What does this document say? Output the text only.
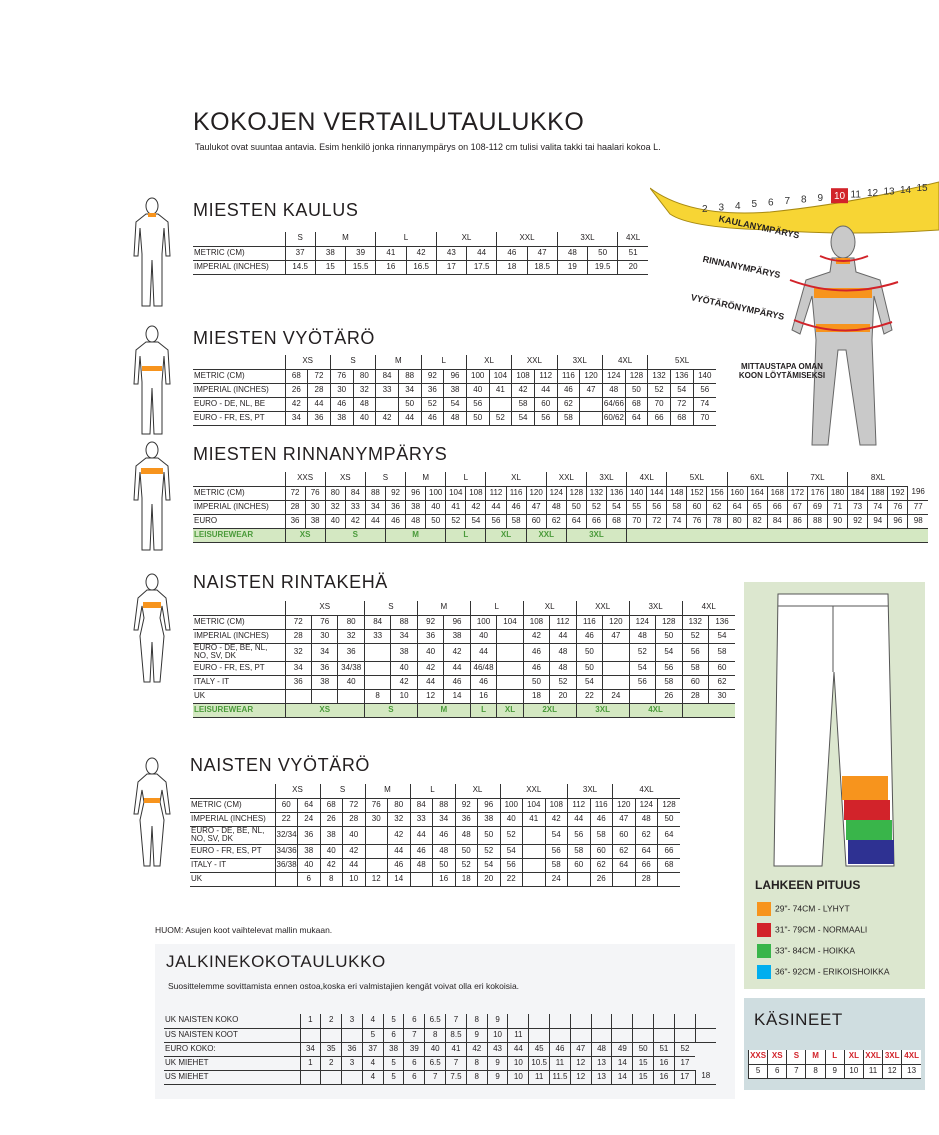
KOKOJEN VERTAILUTAULUKKO
Taulukot ovat suuntaa antavia. Esim henkilö jonka rinnanympärys on 108-112 cm tulisi valita takki tai haalari kokoa L.
2 3 4 5 6 7 8 9 10 11 12 13 14 15
KAULANYMPÄRYS
RINNANYMPÄRYS
VYÖTÄRÖNYMPÄRYS
MITTAUSTAPA OMAN
KOON LÖYTÄMISEKSI
MIESTEN KAULUS
MIESTEN VYÖTÄRÖ
MIESTEN RINNANYMPÄRYS
NAISTEN RINTAKEHÄ
NAISTEN VYÖTÄRÖ
	S	M		L		XL		XXL		3XL		4XL
METRIC (CM)	37	38	39	41	42	43	44	46	47	48	50	51
IMPERIAL (INCHES)	14.5	15	15.5	16	16.5	17	17.5	18	18.5	19	19.5	20
	XS		S		M		L		XL		XXL		3XL		4XL		5XL		
METRIC (CM)	68	72	76	80	84	88	92	96	100	104	108	112	116	120	124	128	132	136	140
IMPERIAL (INCHES)	26	28	30	32	33	34	36	38	40	41	42	44	46	47	48	50	52	54	56
EURO - DE, NL, BE	42	44	46	48		50	52	54	56		58	60	62		64/66	68	70	72	74
EURO - FR, ES, PT	34	36	38	40	42	44	46	48	50	52	54	56	58		60/62	64	66	68	70
	XXS		XS		S		M		L		XL			XXL		3XL		4XL		5XL			6XL			7XL			8XL			
METRIC (CM)	72	76	80	84	88	92	96	100	104	108	112	116	120	124	128	132	136	140	144	148	152	156	160	164	168	172	176	180	184	188	192	196
IMPERIAL (INCHES)	28	30	32	33	34	36	38	40	41	42	44	46	47	48	50	52	54	55	56	58	60	62	64	65	66	67	69	71	73	74	76	77
EURO	36	38	40	42	44	46	48	50	52	54	56	58	60	62	64	66	68	70	72	74	76	78	80	82	84	86	88	90	92	94	96	98
LEISUREWEAR	XS		S			M			L		XL		XXL		3XL																	
	XS			S		M		L		XL		XXL		3XL		4XL	
METRIC (CM)	72	76	80	84	88	92	96	100	104	108	112	116	120	124	128	132	136
IMPERIAL (INCHES)	28	30	32	33	34	36	38	40		42	44	46	47	48	50	52	54
EURO - DE, BE, NL, NO, SV, DK	32	34	36		38	40	42	44		46	48	50		52	54	56	58
EURO - FR, ES, PT	34	36	34/38		40	42	44	46/48		46	48	50		54	56	58	60
ITALY - IT	36	38	40		42	44	46	46		50	52	54		56	58	60	62
UK				8	10	12	14	16		18	20	22	24		26	28	30
LEISUREWEAR	XS			S		M		L	XL	2XL		3XL		4XL			
	XS		S		M		L		XL		XXL			3XL		4XL		
METRIC (CM)	60	64	68	72	76	80	84	88	92	96	100	104	108	112	116	120	124	128
IMPERIAL (INCHES)	22	24	26	28	30	32	33	34	36	38	40	41	42	44	46	47	48	50
EURO - DE, BE, NL, NO, SV, DK	32/34	36	38	40		42	44	46	48	50	52		54	56	58	60	62	64
EURO - FR, ES, PT	34/36	38	40	42		44	46	48	50	52	54		56	58	60	62	64	66
ITALY - IT	36/38	40	42	44		46	48	50	52	54	56		58	60	62	64	66	68
UK		6	8	10	12	14		16	18	20	22		24		26		28	
HUOM: Asujen koot vaihtelevat mallin mukaan.
JALKINEKOKOTAULUKKO
Suosittelemme sovittamista ennen ostoa,koska eri valmistajien kengät voivat olla eri kokoisia.
UK NAISTEN KOKO	1	2	3	4	5	6	6.5	7	8	9										
US NAISTEN KOOT				5	6	7	8	8.5	9	10	11									
EURO KOKO:	34	35	36	37	38	39	40	41	42	43	44	45	46	47	48	49	50	51	52	
UK MIEHET	1	2	3	4	5	6	6.5	7	8	9	10	10.5	11	12	13	14	15	16	17	
US MIEHET				4	5	6	7	7.5	8	9	10	11	11.5	12	13	14	15	16	17	18
LAHKEEN PITUUS
29"- 74CM - LYHYT
31"- 79CM - NORMAALI
33"- 84CM - HOIKKA
36"- 92CM - ERIKOISHOIKKA
KÄSINEET
XXS	XS	S	M	L	XL	XXL	3XL	4XL
5	6	7	8	9	10	11	12	13
